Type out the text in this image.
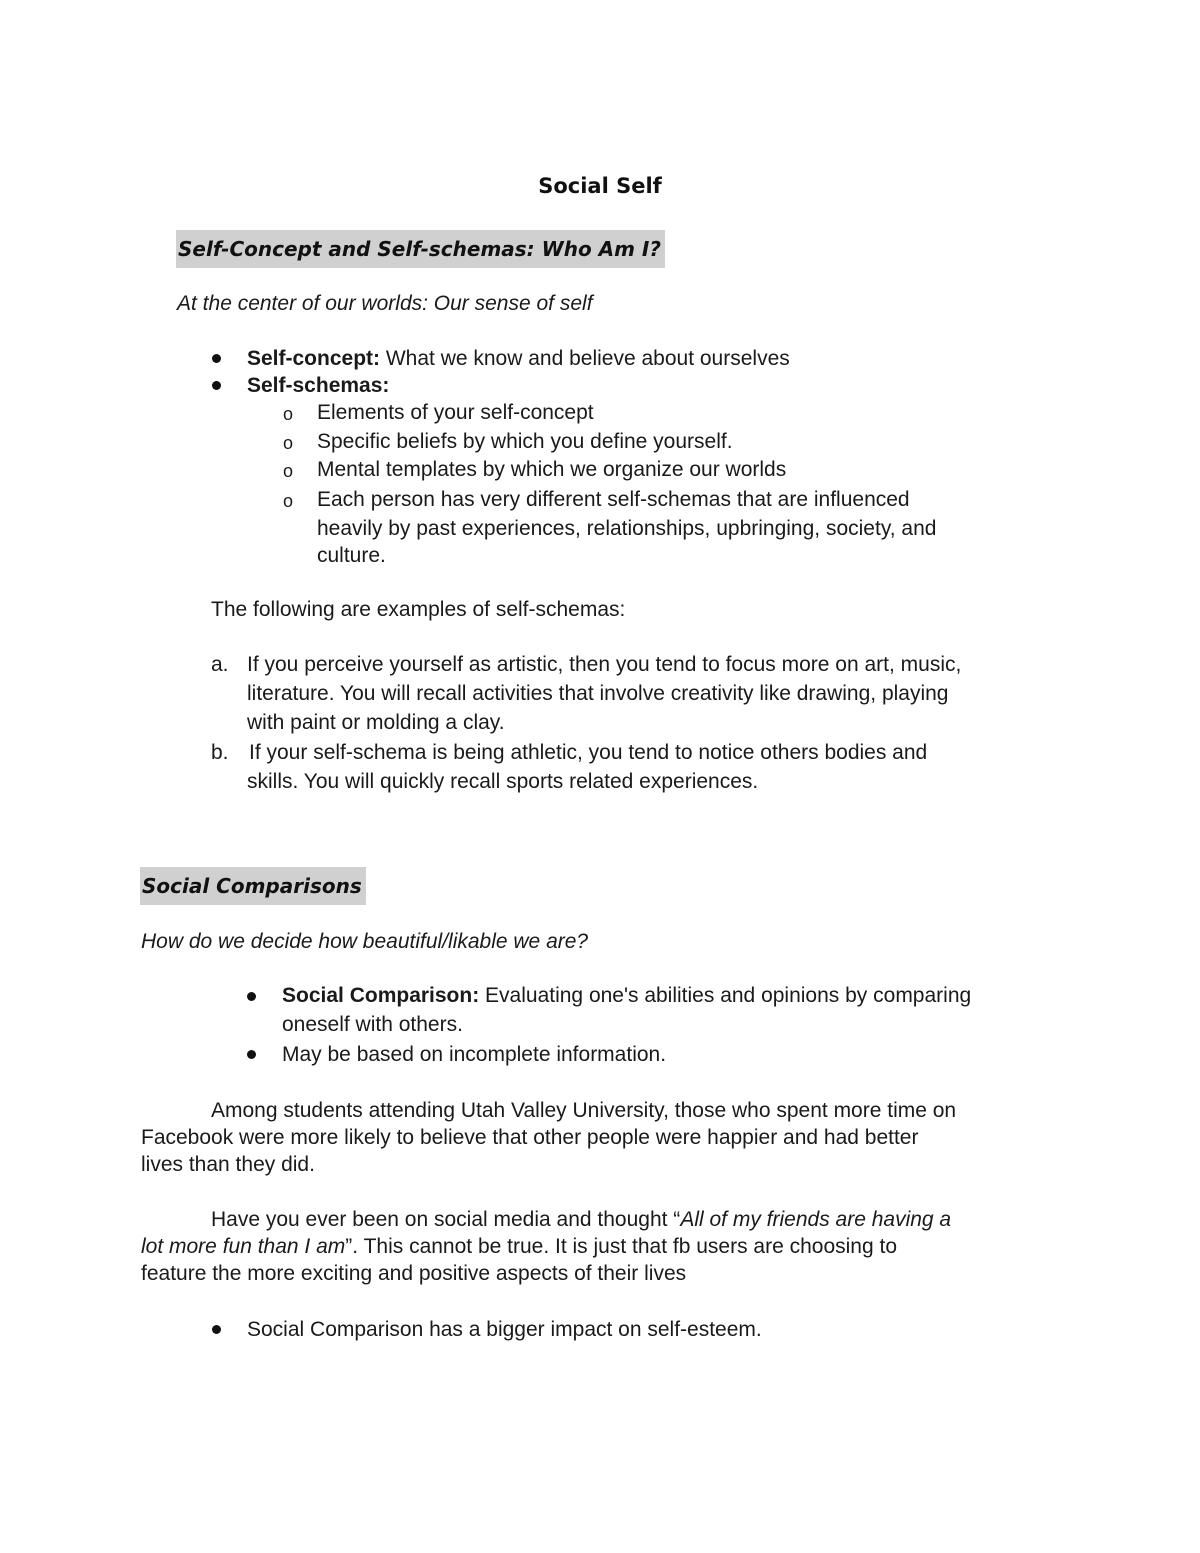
Social Self
Self-Concept and Self-schemas: Who Am I?
At the center of our worlds: Our sense of self
Self-concept: What we know and believe about ourselves
Self-schemas:
o Elements of your self-concept
o Specific beliefs by which you define yourself.
o Mental templates by which we organize our worlds
o Each person has very different self-schemas that are influenced
heavily by past experiences, relationships, upbringing, society, and
culture.
The following are examples of self-schemas:
a. If you perceive yourself as artistic, then you tend to focus more on art, music,
literature. You will recall activities that involve creativity like drawing, playing
with paint or molding a clay.
b. If your self-schema is being athletic, you tend to notice others bodies and
skills. You will quickly recall sports related experiences.
Social Comparisons
How do we decide how beautiful/likable we are?
Social Comparison: Evaluating one's abilities and opinions by comparing
oneself with others.
May be based on incomplete information.
Among students attending Utah Valley University, those who spent more time on
Facebook were more likely to believe that other people were happier and had better
lives than they did.
Have you ever been on social media and thought “All of my friends are having a
lot more fun than I am”. This cannot be true. It is just that fb users are choosing to
feature the more exciting and positive aspects of their lives
Social Comparison has a bigger impact on self-esteem.
